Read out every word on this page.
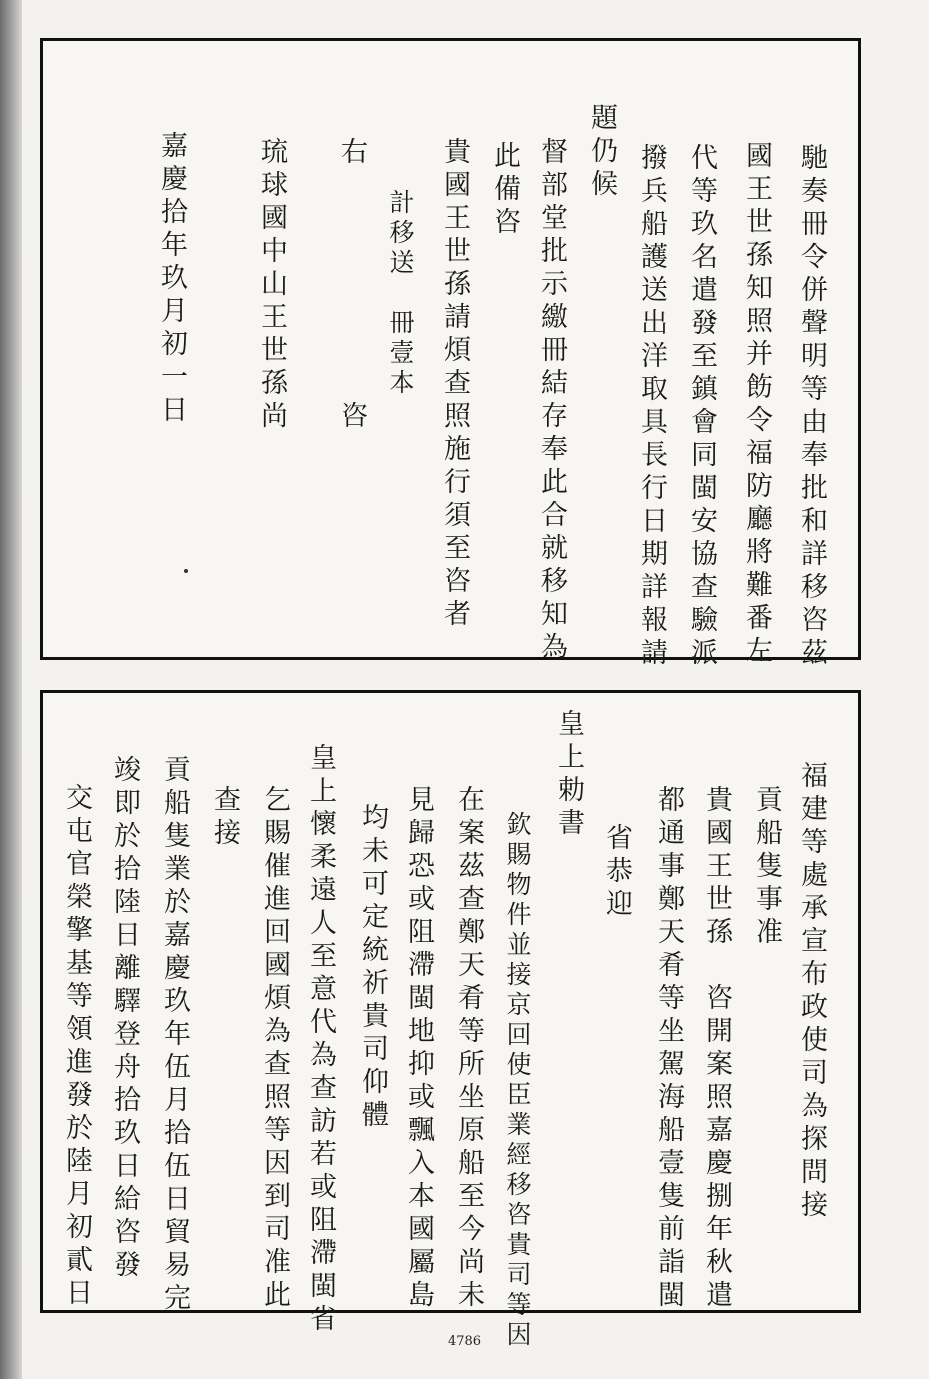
馳奏冊令併聲明等由奉批和詳移咨茲
國王世孫知照并飭令福防廳將難番左
代等玖名遣發至鎮會同閩安協查驗派
撥兵船護送出洋取具長行日期詳報請
題仍候
督部堂批示繳冊結存奉此合就移知為
此備咨
貴國王世孫請煩查照施行須至咨者
計移送　冊壹本
右　　　　　　　咨
琉球國中山王世孫尚
嘉慶拾年玖月初一日
福建等處承宣布政使司為探問接
貢船隻事准
貴國王世孫　咨開案照嘉慶捌年秋遣
都通事鄭天肴等坐駕海船壹隻前詣閩
省恭迎
皇上勅書
欽賜物件並接京回使臣業經移咨貴司等因
在案茲查鄭天肴等所坐原船至今尚未
見歸恐或阻滯閩地抑或飄入本國屬島
均未可定統祈貴司仰體
皇上懷柔遠人至意代為查訪若或阻滯閩省
乞賜催進回國煩為查照等因到司准此
查接
貢船隻業於嘉慶玖年伍月拾伍日貿易完
竣即於拾陸日離驛登舟拾玖日給咨發
交屯官榮擎基等領進發於陸月初貳日
4786
